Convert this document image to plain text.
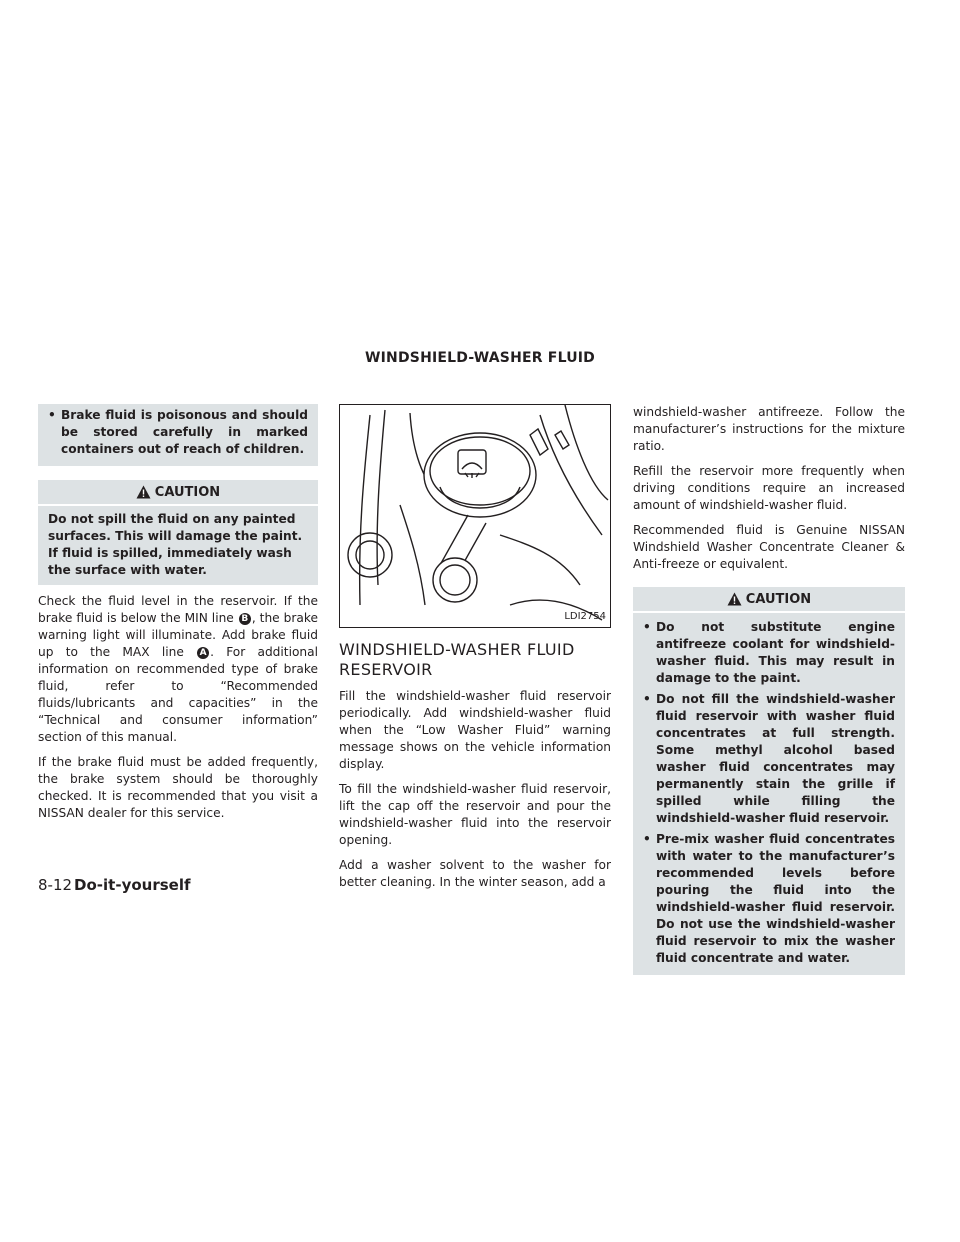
WINDSHIELD-WASHER FLUID
• Brake fluid is poisonous and should be stored carefully in marked containers out of reach of children.
CAUTION
Do not spill the fluid on any painted surfaces. This will damage the paint. If fluid is spilled, immediately wash the surface with water.

Check the fluid level in the reservoir. If the brake fluid is below the MIN line B , the brake warning light will illuminate. Add brake fluid up to the MAX line A . For additional information on recommended type of brake fluid, refer to “Recommended fluids/lubricants and capacities” in the “Technical and consumer information” section of this manual.

If the brake fluid must be added frequently, the brake system should be thoroughly checked. It is recommended that you visit a NISSAN dealer for this service.

LDI2754
WINDSHIELD-WASHER FLUID RESERVOIR

Fill the windshield-washer fluid reservoir periodically. Add windshield-washer fluid when the “Low Washer Fluid” warning message shows on the vehicle information display.

To fill the windshield-washer fluid reservoir, lift the cap off the reservoir and pour the windshield-washer fluid into the reservoir opening.

Add a washer solvent to the washer for better cleaning. In the winter season, add a

windshield-washer antifreeze. Follow the manufacturer’s instructions for the mixture ratio.

Refill the reservoir more frequently when driving conditions require an increased amount of windshield-washer fluid.

Recommended fluid is Genuine NISSAN Windshield Washer Concentrate Cleaner & Anti-freeze or equivalent.

CAUTION
• Do not substitute engine antifreeze coolant for windshield-washer fluid. This may result in damage to the paint.
• Do not fill the windshield-washer fluid reservoir with washer fluid concentrates at full strength. Some methyl alcohol based washer fluid concentrates may permanently stain the grille if spilled while filling the windshield-washer fluid reservoir.
• Pre-mix washer fluid concentrates with water to the manufacturer’s recommended levels before pouring the fluid into the windshield-washer fluid reservoir. Do not use the windshield-washer fluid reservoir to mix the washer fluid concentrate and water.
8-12 Do-it-yourself
